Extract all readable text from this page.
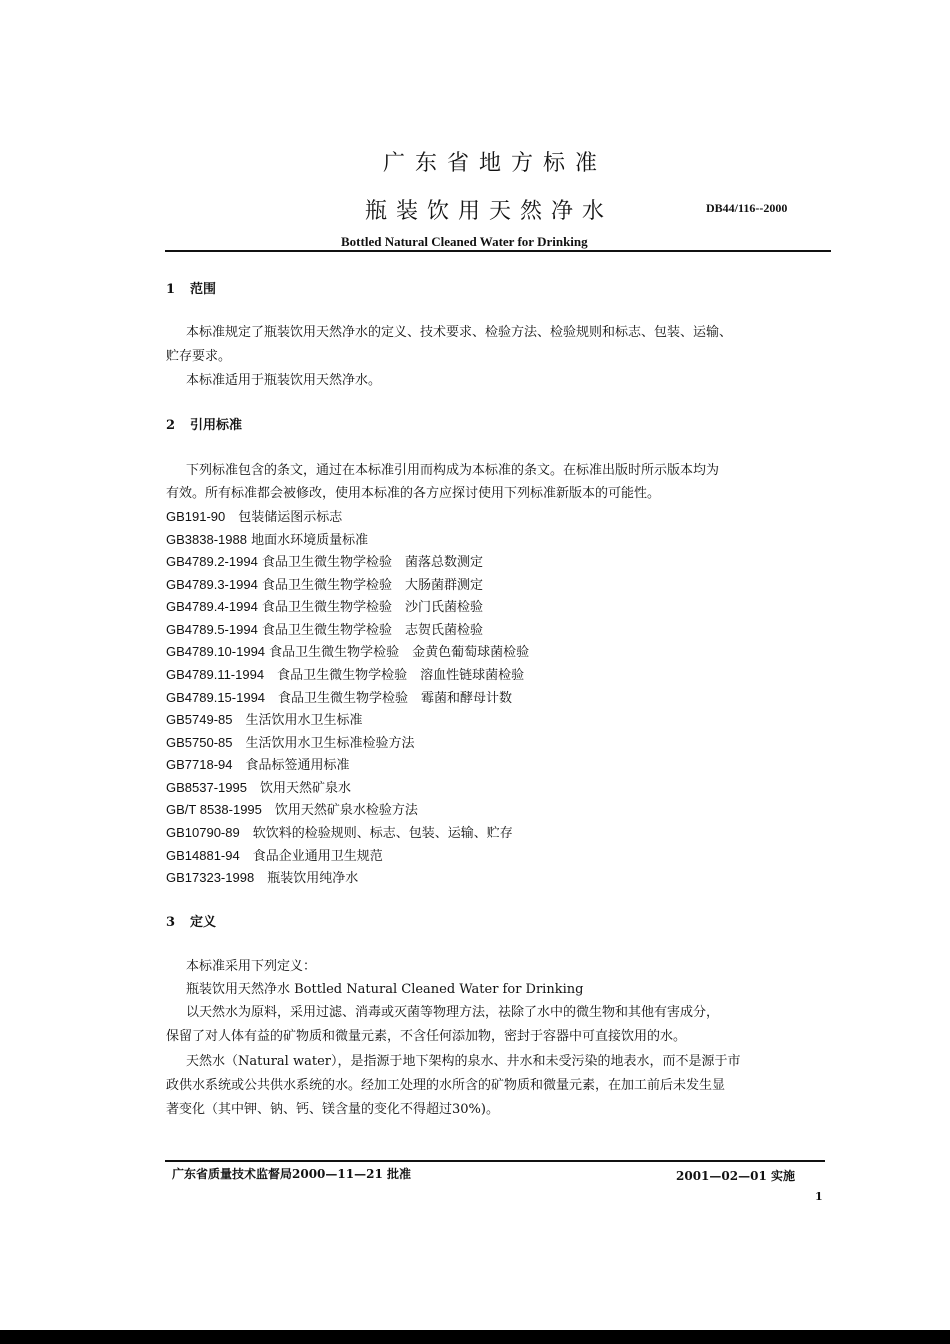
广东省地方标准
瓶装饮用天然净水	DB44/116--2000
Bottled Natural Cleaned Water for Drinking
1 范围
本标准规定了瓶装饮用天然净水的定义、技术要求、检验方法、检验规则和标志、包装、运输、
贮存要求。
本标准适用于瓶装饮用天然净水。
2 引用标准
下列标准包含的条文，通过在本标准引用而构成为本标准的条文。在标准出版时所示版本均为
有效。所有标准都会被修改，使用本标准的各方应探讨使用下列标准新版本的可能性。
GB191-90　 包装储运图示标志
GB3838-1988 地面水环境质量标准
GB4789.2-1994 食品卫生微生物学检验　菌落总数测定
GB4789.3-1994 食品卫生微生物学检验　大肠菌群测定
GB4789.4-1994 食品卫生微生物学检验　沙门氏菌检验
GB4789.5-1994 食品卫生微生物学检验　志贺氏菌检验
GB4789.10-1994 食品卫生微生物学检验　金黄色葡萄球菌检验
GB4789.11-1994　 食品卫生微生物学检验　溶血性链球菌检验
GB4789.15-1994　 食品卫生微生物学检验　霉菌和酵母计数
GB5749-85　 生活饮用水卫生标准
GB5750-85　 生活饮用水卫生标准检验方法
GB7718-94　 食品标签通用标准
GB8537-1995　 饮用天然矿泉水
GB/T 8538-1995　 饮用天然矿泉水检验方法
GB10790-89　 软饮料的检验规则、标志、包装、运输、贮存
GB14881-94　 食品企业通用卫生规范
GB17323-1998　 瓶装饮用纯净水
3 定义
本标准采用下列定义：
瓶装饮用天然净水 Bottled Natural Cleaned Water for Drinking
以天然水为原料，采用过滤、消毒或灭菌等物理方法，祛除了水中的微生物和其他有害成分，
保留了对人体有益的矿物质和微量元素，不含任何添加物，密封于容器中可直接饮用的水。
天然水（Natural water），是指源于地下架构的泉水、井水和未受污染的地表水，而不是源于市
政供水系统或公共供水系统的水。经加工处理的水所含的矿物质和微量元素，在加工前后未发生显
著变化（其中钾、钠、钙、镁含量的变化不得超过30%)。
广东省质量技术监督局2000—11—21 批准	2001—02—01 实施
1
